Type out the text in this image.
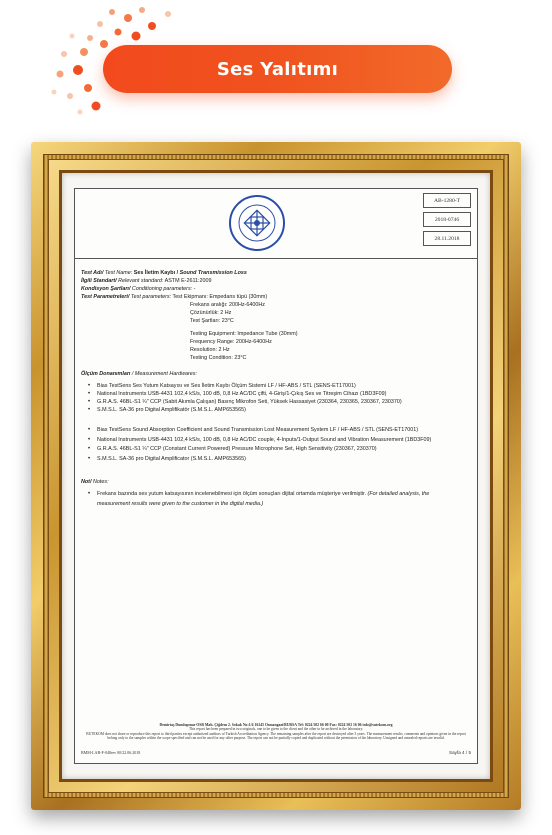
Ses Yalıtımı
AB-1280-T
2018-0746
28.11.2018
Test Adı/ Test Name: Ses İletim Kaybı / Sound Transmission Loss
İlgili Standart/ Relevant standard: ASTM E-2611:2009
Kondisyon Şartları/ Conditioning parameters: -
Test Parametreleri/ Test parameters: Test Ekipmanı: Empedans tüpü (30mm)
Frekans aralığı: 200Hz-6400Hz
Çözünürlük: 2 Hz
Test Şartları: 23°C
Testing Equipment: Impedance Tube (30mm)
Frequency Range: 200Hz-6400Hz
Resolution: 2 Hz
Testing Condition: 23°C
Ölçüm Donanımları / Measurement Hardwares:
• Bias TestSens Ses Yutum Katsayısı ve Ses İletim Kaybı Ölçüm Sistemi LF / HF-ABS / STL (SENS-ET17001)
• National Instruments USB-4431 102,4 kS/s, 100 dB, 0,8 Hz AC/DC çifti, 4-Giriş/1-Çıkış Ses ve Titreşim Cihazı (1BD3F09)
• G.R.A.S. 46BL-S1 ¼" CCP (Sabit Akımla Çalışan) Basınç Mikrofon Seti, Yüksek Hassasiyet (230364, 230365, 230367, 230370)
• S.M.S.L. SA-36 pro Digital Amplifikatör (S.M.S.L. AMP653565)
• Bias TestSens Sound Absorption Coefficient and Sound Transmission Lost Measurement System LF / HF-ABS / STL (SENS-ET17001)
• National Instruments USB-4431 102,4 kS/s, 100 dB, 0,8 Hz AC/DC couple, 4-Inputs/1-Output Sound and Vibration Measurement (1BD3F09)
• G.R.A.S. 46BL-S1 ¼" CCP (Constant Current Powered) Pressure Microphone Set, High Sensitivity (230367, 230370)
• S.M.S.L. SA-36 pro Digital Amplificator (S.M.S.L. AMP653565)
Not/ Notes:
• Frekans bazında ses yutum katsayısının incelenebilmesi için ölçüm sonuçları dijital ortamda müşteriye verilmiştir. (For detailed analysis, the measurement results were given to the customer in the digital media.)
Demirtaş Dumlupınar OSB Mah. Çiğdem 2. Sokak No:1/4 16245 Osmangazi/BURSA Tel: 0224 502 66 00 Fax: 0224 502 16 06 info@sutekom.org
This report has been prepared in two originals, one to be given to the client and the other to be archived in the laboratory.
BUTEKOM does not share or reproduce this report to third parties except authorized auditors of Turkish Accreditation Agency. The remaining samples after the report are destroyed after 3 years. The measurement results, comments and opinions given in the report belong only to the samples within the scope specified and can not be used for any other purpose. The report can not be partially copied and duplicated without the permission of the laboratory. Unsigned and unsealed reports are invalid.
BMM-LAB-F-048rev 00/22.06.2018	Sayfa 4 / 5
